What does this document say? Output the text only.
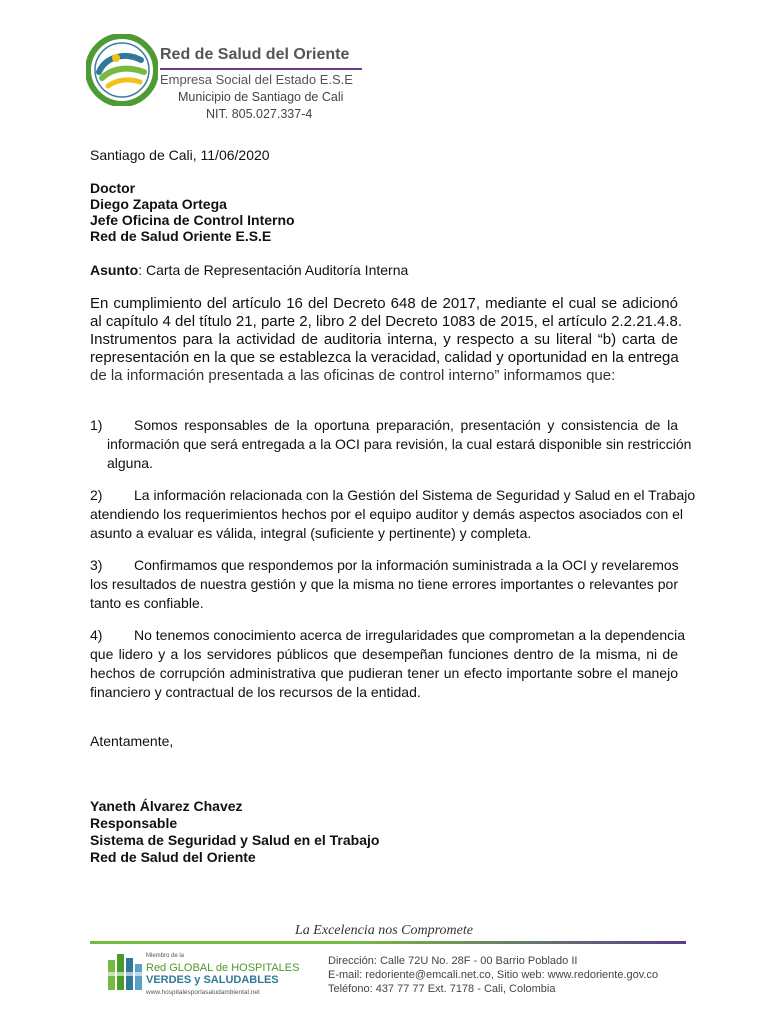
Red de Salud del Oriente
Empresa Social del Estado E.S.E
Municipio de Santiago de Cali
NIT. 805.027.337-4
Santiago de Cali, 11/06/2020
Doctor
Diego Zapata Ortega
Jefe Oficina de Control Interno
Red de Salud Oriente E.S.E
Asunto: Carta de Representación Auditoría Interna
En cumplimiento del artículo 16 del Decreto 648 de 2017, mediante el cual se adicionó
al capítulo 4 del título 21, parte 2, libro 2 del Decreto 1083 de 2015, el artículo 2.2.21.4.8.
Instrumentos para la actividad de auditoria interna, y respecto a su literal “b) carta de
representación en la que se establezca la veracidad, calidad y oportunidad en la entrega
de la información presentada a las oficinas de control interno” informamos que:
1) Somos responsables de la oportuna preparación, presentación y consistencia de la
información que será entregada a la OCI para revisión, la cual estará disponible sin restricción
alguna.
2) La información relacionada con la Gestión del Sistema de Seguridad y Salud en el Trabajo
atendiendo los requerimientos hechos por el equipo auditor y demás aspectos asociados con el
asunto a evaluar es válida, integral (suficiente y pertinente) y completa.
3) Confirmamos que respondemos por la información suministrada a la OCI y revelaremos
los resultados de nuestra gestión y que la misma no tiene errores importantes o relevantes por
tanto es confiable.
4) No tenemos conocimiento acerca de irregularidades que comprometan a la dependencia
que lidero y a los servidores públicos que desempeñan funciones dentro de la misma, ni de
hechos de corrupción administrativa que pudieran tener un efecto importante sobre el manejo
financiero y contractual de los recursos de la entidad.
Atentamente,
Yaneth Álvarez Chavez
Responsable
Sistema de Seguridad y Salud en el Trabajo
Red de Salud del Oriente
La Excelencia nos Compromete
Miembro de la
Red GLOBAL de HOSPITALES
VERDES y SALUDABLES
www.hospitalesporlasaludambiental.net
Dirección: Calle 72U No. 28F - 00 Barrio Poblado II
E-mail: redoriente@emcali.net.co, Sitio web: www.redoriente.gov.co
Teléfono: 437 77 77 Ext. 7178 - Cali, Colombia
